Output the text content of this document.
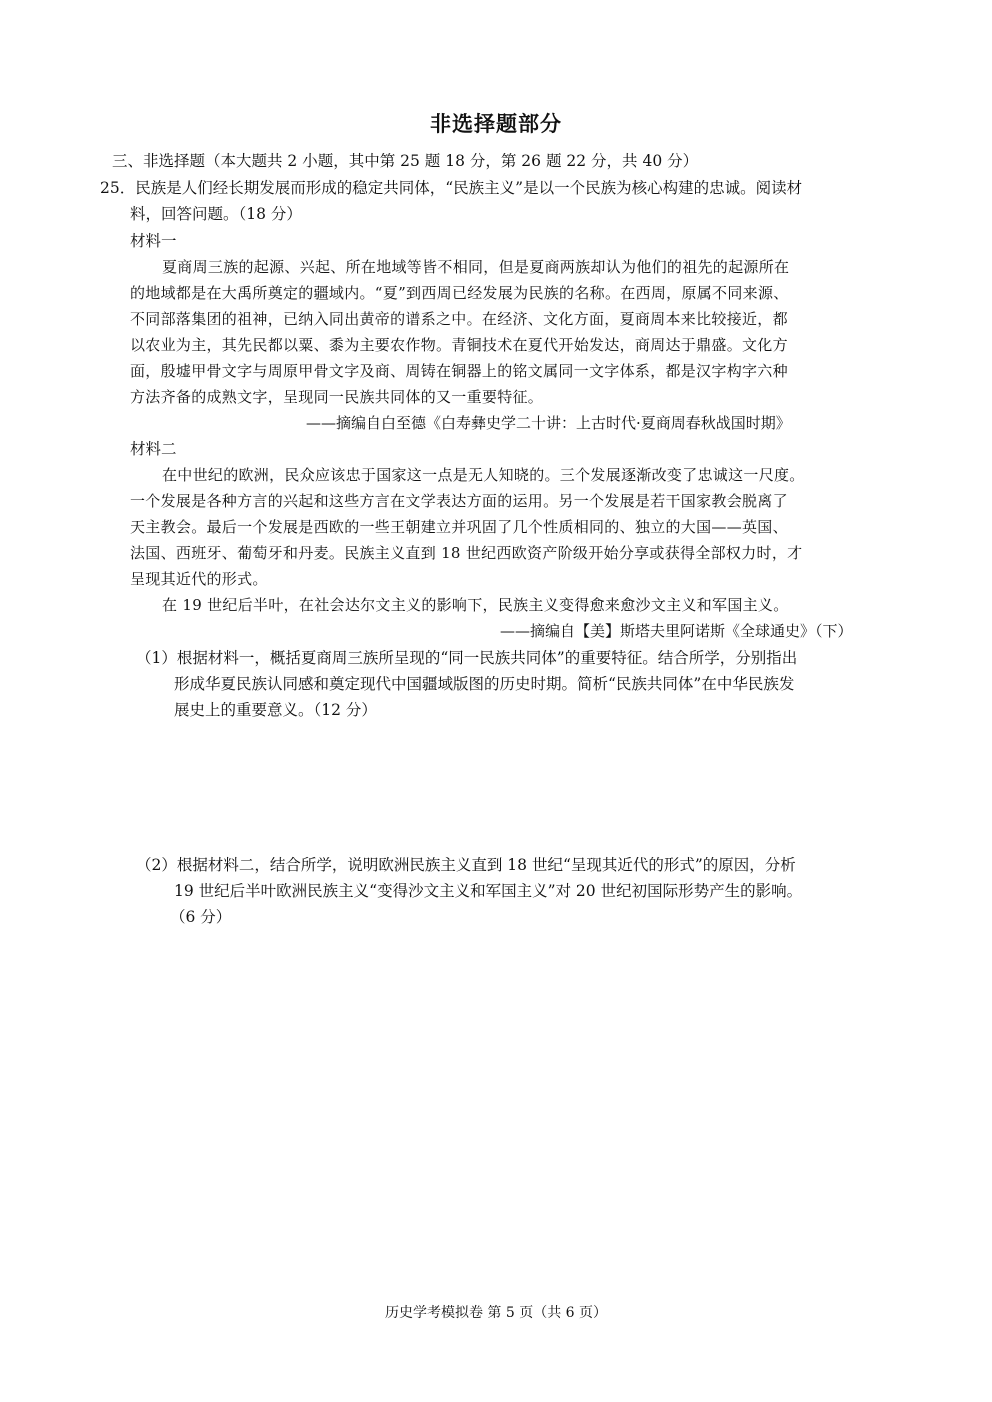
非选择题部分
三、非选择题（本大题共 2 小题，其中第 25 题 18 分，第 26 题 22 分，共 40 分）
25．民族是人们经长期发展而形成的稳定共同体，“民族主义”是以一个民族为核心构建的忠诚。阅读材
料，回答问题。（18 分）
材料一
夏商周三族的起源、兴起、所在地域等皆不相同，但是夏商两族却认为他们的祖先的起源所在
的地域都是在大禹所奠定的疆域内。“夏”到西周已经发展为民族的名称。在西周，原属不同来源、
不同部落集团的祖神，已纳入同出黄帝的谱系之中。在经济、文化方面，夏商周本来比较接近，都
以农业为主，其先民都以粟、黍为主要农作物。青铜技术在夏代开始发达，商周达于鼎盛。文化方
面，殷墟甲骨文字与周原甲骨文字及商、周铸在铜器上的铭文属同一文字体系，都是汉字构字六种
方法齐备的成熟文字，呈现同一民族共同体的又一重要特征。
——摘编自白至德《白寿彝史学二十讲：上古时代·夏商周春秋战国时期》
材料二
在中世纪的欧洲，民众应该忠于国家这一点是无人知晓的。三个发展逐渐改变了忠诚这一尺度。
一个发展是各种方言的兴起和这些方言在文学表达方面的运用。另一个发展是若干国家教会脱离了
天主教会。最后一个发展是西欧的一些王朝建立并巩固了几个性质相同的、独立的大国——英国、
法国、西班牙、葡萄牙和丹麦。民族主义直到 18 世纪西欧资产阶级开始分享或获得全部权力时，才
呈现其近代的形式。
在 19 世纪后半叶，在社会达尔文主义的影响下，民族主义变得愈来愈沙文主义和军国主义。
——摘编自【美】斯塔夫里阿诺斯《全球通史》（下）
（1）根据材料一，概括夏商周三族所呈现的“同一民族共同体”的重要特征。结合所学，分别指出
形成华夏民族认同感和奠定现代中国疆域版图的历史时期。简析“民族共同体”在中华民族发
展史上的重要意义。（12 分）
（2）根据材料二，结合所学，说明欧洲民族主义直到 18 世纪“呈现其近代的形式”的原因，分析
19 世纪后半叶欧洲民族主义“变得沙文主义和军国主义”对 20 世纪初国际形势产生的影响。
（6 分）
历史学考模拟卷 第 5 页（共 6 页）
